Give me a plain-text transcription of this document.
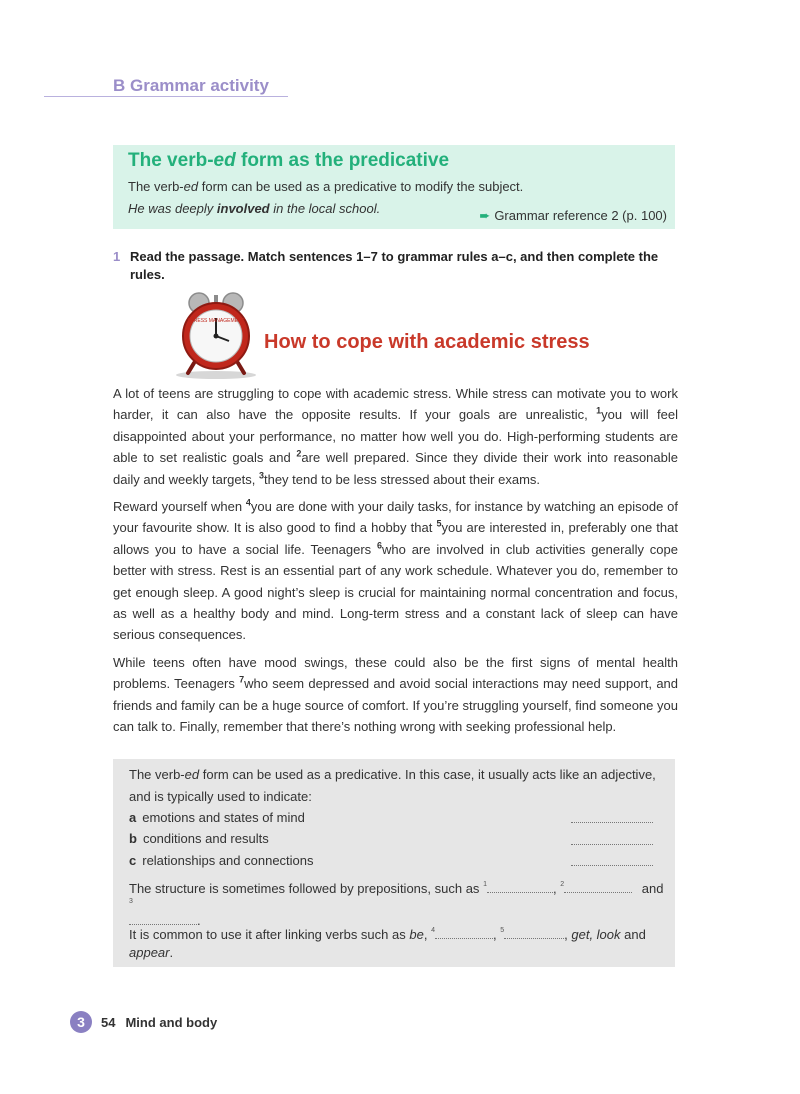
B Grammar activity
The verb-ed form as the predicative
The verb-ed form can be used as a predicative to modify the subject.
He was deeply involved in the local school.	➨ Grammar reference 2 (p. 100)
1 Read the passage. Match sentences 1–7 to grammar rules a–c, and then complete the rules.
STRESS MANAGEMENT
How to cope with academic stress

A lot of teens are struggling to cope with academic stress. While stress can motivate you to work harder, it can also have the opposite results. If your goals are unrealistic, $^1$you will feel disappointed about your performance, no matter how well you do. High-performing students are able to set realistic goals and $^2$are well prepared. Since they divide their work into reasonable daily and weekly targets, $^3$they tend to be less stressed about their exams.

Reward yourself when $^4$you are done with your daily tasks, for instance by watching an episode of your favourite show. It is also good to find a hobby that $^5$you are interested in, preferably one that allows you to have a social life. Teenagers $^6$who are involved in club activities generally cope better with stress. Rest is an essential part of any work schedule. Whatever you do, remember to get enough sleep. A good night’s sleep is crucial for maintaining normal concentration and focus, as well as a healthy body and mind. Long-term stress and a constant lack of sleep can have serious consequences.

While teens often have mood swings, these could also be the first signs of mental health problems. Teenagers $^7$who seem depressed and avoid social interactions may need support, and friends and family can be a huge source of comfort. If you’re struggling yourself, find someone you can talk to. Finally, remember that there’s nothing wrong with seeking professional help.

The verb-ed form can be used as a predicative. In this case, it usually acts like an adjective,
and is typically used to indicate:
a emotions and states of mind
b conditions and results
c relationships and connections
The structure is sometimes followed by prepositions, such as $^1$	, $^2$	and
$^3$
.
It is common to use it after linking verbs such as be, $^4$	, $^5$	, get, look and
appear.
3	54 Mind and body
